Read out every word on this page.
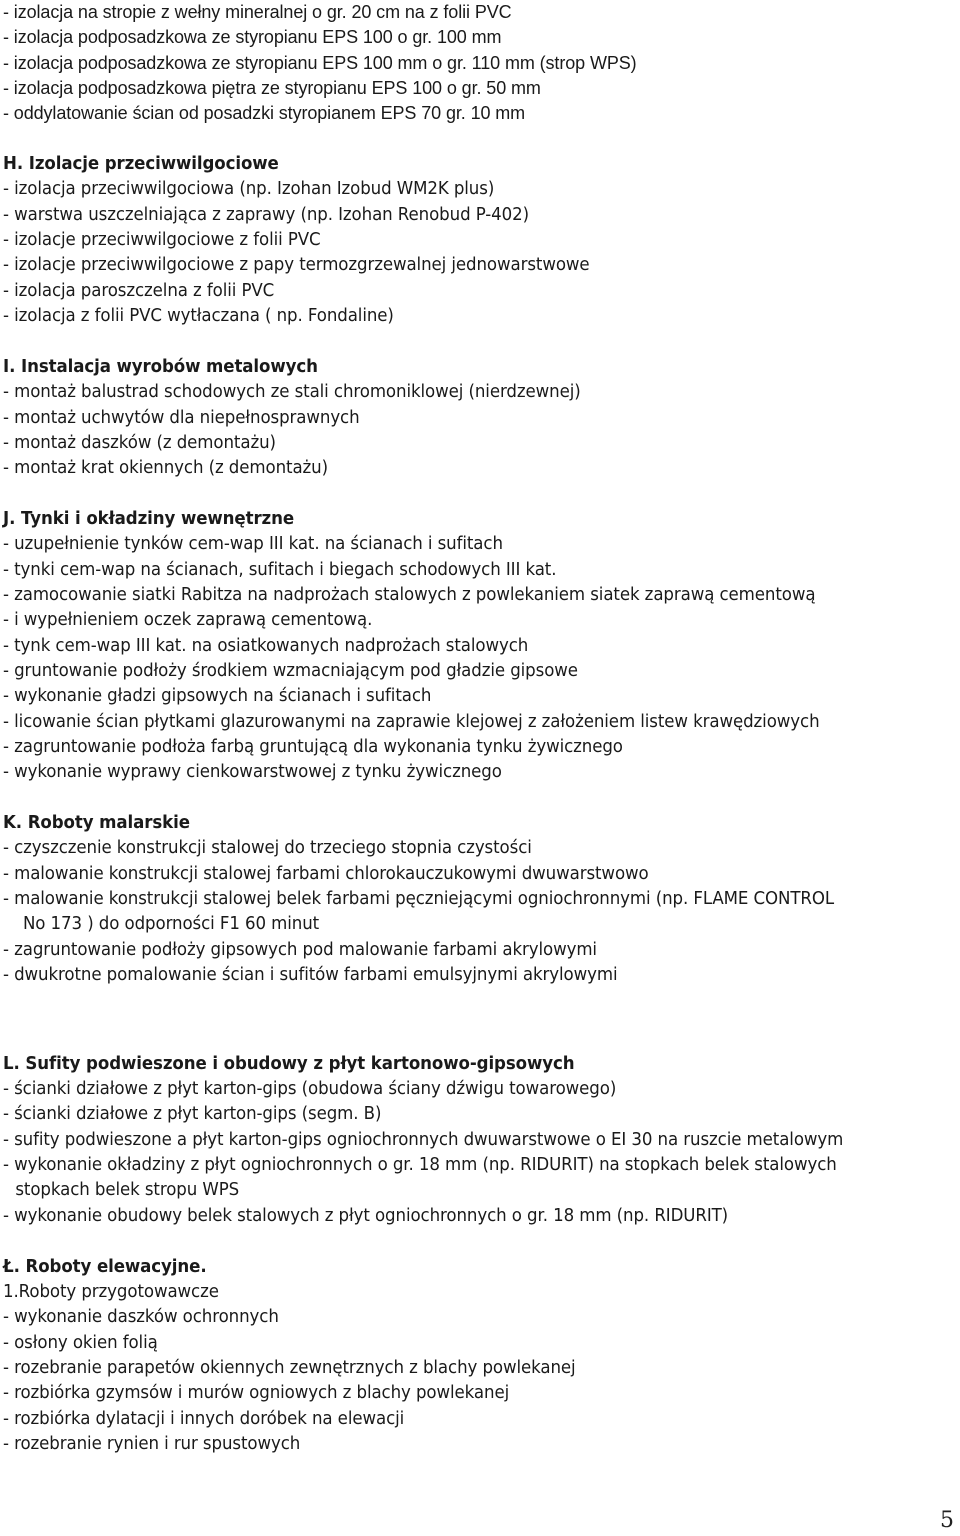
- izolacja na stropie z wełny mineralnej o gr. 20 cm na z folii PVC
- izolacja podposadzkowa ze styropianu EPS 100 o gr. 100 mm
- izolacja podposadzkowa ze styropianu EPS 100 mm o gr. 110 mm (strop WPS)
- izolacja podposadzkowa piętra ze styropianu EPS 100 o gr. 50 mm
- oddylatowanie ścian od posadzki styropianem EPS 70 gr. 10 mm
H. Izolacje przeciwwilgociowe
- izolacja przeciwwilgociowa (np. Izohan Izobud WM2K plus)
- warstwa uszczelniająca z zaprawy (np. Izohan Renobud P-402)
- izolacje przeciwwilgociowe z folii PVC
- izolacje przeciwwilgociowe z papy termozgrzewalnej jednowarstwowe
- izolacja paroszczelna z folii PVC
- izolacja z folii PVC wytłaczana ( np. Fondaline)
I. Instalacja wyrobów metalowych
- montaż balustrad schodowych ze stali chromoniklowej (nierdzewnej)
- montaż uchwytów dla niepełnosprawnych
- montaż daszków (z demontażu)
- montaż krat okiennych (z demontażu)
J. Tynki i okładziny wewnętrzne
- uzupełnienie tynków cem-wap III kat. na ścianach i sufitach
- tynki cem-wap na ścianach, sufitach i biegach schodowych III kat.
- zamocowanie siatki Rabitza na nadprożach stalowych z powlekaniem siatek zaprawą cementową
- i wypełnieniem oczek zaprawą cementową.
- tynk cem-wap III kat. na osiatkowanych nadprożach stalowych
- gruntowanie podłoży środkiem wzmacniającym pod gładzie gipsowe
- wykonanie gładzi gipsowych na ścianach i sufitach
- licowanie ścian płytkami glazurowanymi na zaprawie klejowej z założeniem listew krawędziowych
- zagruntowanie podłoża farbą gruntującą dla wykonania tynku żywicznego
- wykonanie wyprawy cienkowarstwowej z tynku żywicznego
K. Roboty malarskie
- czyszczenie konstrukcji stalowej do trzeciego stopnia czystości
- malowanie konstrukcji stalowej farbami chlorokauczukowymi dwuwarstwowo
- malowanie konstrukcji stalowej belek farbami pęczniejącymi ogniochronnymi (np. FLAME CONTROL
No 173 ) do odporności F1 60 minut
- zagruntowanie podłoży gipsowych pod malowanie farbami akrylowymi
- dwukrotne pomalowanie ścian i sufitów farbami emulsyjnymi akrylowymi
L. Sufity podwieszone i obudowy z płyt kartonowo-gipsowych
- ścianki działowe z płyt karton-gips (obudowa ściany dźwigu towarowego)
- ścianki działowe z płyt karton-gips (segm. B)
- sufity podwieszone a płyt karton-gips ogniochronnych dwuwarstwowe o EI 30 na ruszcie metalowym
- wykonanie okładziny z płyt ogniochronnych o gr. 18 mm (np. RIDURIT) na stopkach belek stalowych
stopkach belek stropu WPS
- wykonanie obudowy belek stalowych z płyt ogniochronnych o gr. 18 mm (np. RIDURIT)
Ł. Roboty elewacyjne.
1.Roboty przygotowawcze
- wykonanie daszków ochronnych
- osłony okien folią
- rozebranie parapetów okiennych zewnętrznych z blachy powlekanej
- rozbiórka gzymsów i murów ogniowych z blachy powlekanej
- rozbiórka dylatacji i innych doróbek na elewacji
- rozebranie rynien i rur spustowych
5
